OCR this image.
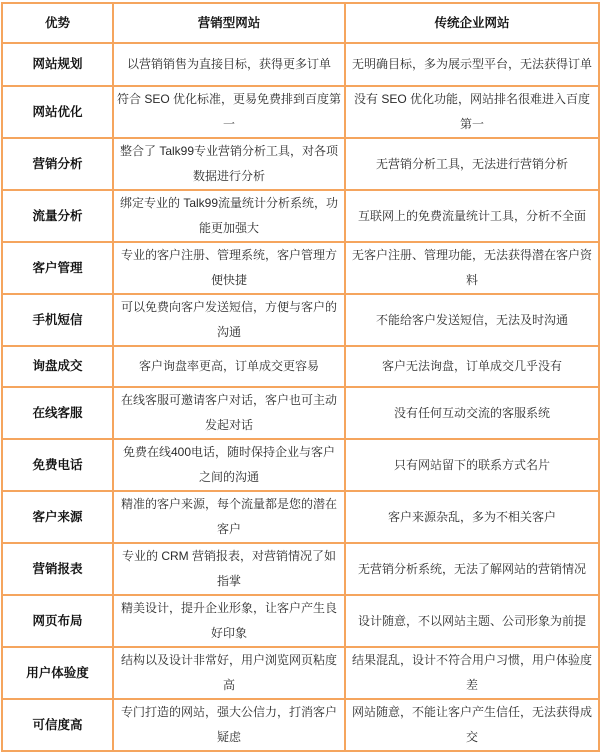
优势	营销型网站	传统企业网站
网站规划	以营销销售为直接目标，获得更多订单	无明确目标，多为展示型平台，无法获得订单
网站优化	符合 SEO 优化标准，更易免费排到百度第一	没有 SEO 优化功能，网站排名很难进入百度第一
营销分析	整合了 Talk99专业营销分析工具，对各项数据进行分析	无营销分析工具，无法进行营销分析
流量分析	绑定专业的 Talk99流量统计分析系统，功能更加强大	互联网上的免费流量统计工具，分析不全面
客户管理	专业的客户注册、管理系统，客户管理方便快捷	无客户注册、管理功能，无法获得潜在客户资料
手机短信	可以免费向客户发送短信，方便与客户的沟通	不能给客户发送短信，无法及时沟通
询盘成交	客户询盘率更高，订单成交更容易	客户无法询盘，订单成交几乎没有
在线客服	在线客服可邀请客户对话，客户也可主动发起对话	没有任何互动交流的客服系统
免费电话	免费在线400电话，随时保持企业与客户之间的沟通	只有网站留下的联系方式名片
客户来源	精准的客户来源，每个流量都是您的潜在客户	客户来源杂乱，多为不相关客户
营销报表	专业的 CRM 营销报表，对营销情况了如指掌	无营销分析系统，无法了解网站的营销情况
网页布局	精美设计，提升企业形象，让客户产生良好印象	设计随意，不以网站主题、公司形象为前提
用户体验度	结构以及设计非常好，用户浏览网页粘度高	结果混乱，设计不符合用户习惯，用户体验度差
可信度高	专门打造的网站，强大公信力，打消客户疑虑	网站随意，不能让客户产生信任，无法获得成交
